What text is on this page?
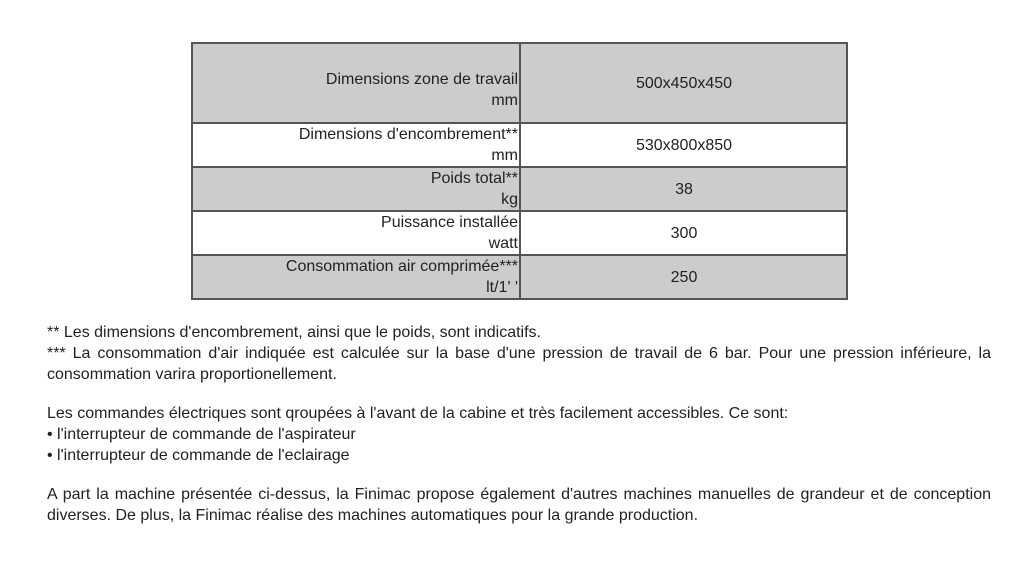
Dimensions zone de travail
mm	500x450x450

Dimensions d'encombrement**
mm	530x800x850

Poids total**
kg	38

Puissance installée
watt	300

Consommation air comprimée***
lt/1' '	250

** Les dimensions d'encombrement, ainsi que le poids, sont indicatifs.

*** La consommation d'air indiquée est calculée sur la base d'une pression de travail de 6 bar. Pour une pression inférieure, la consommation varira proportionellement.

Les commandes électriques sont qroupées à l'avant de la cabine et très facilement accessibles. Ce sont:

• l'interrupteur de commande de l'aspirateur

• l'interrupteur de commande de l'eclairage

A part la machine présentée ci-dessus, la Finimac propose également d'autres machines manuelles de grandeur et de conception diverses. De plus, la Finimac réalise des machines automatiques pour la grande production.
